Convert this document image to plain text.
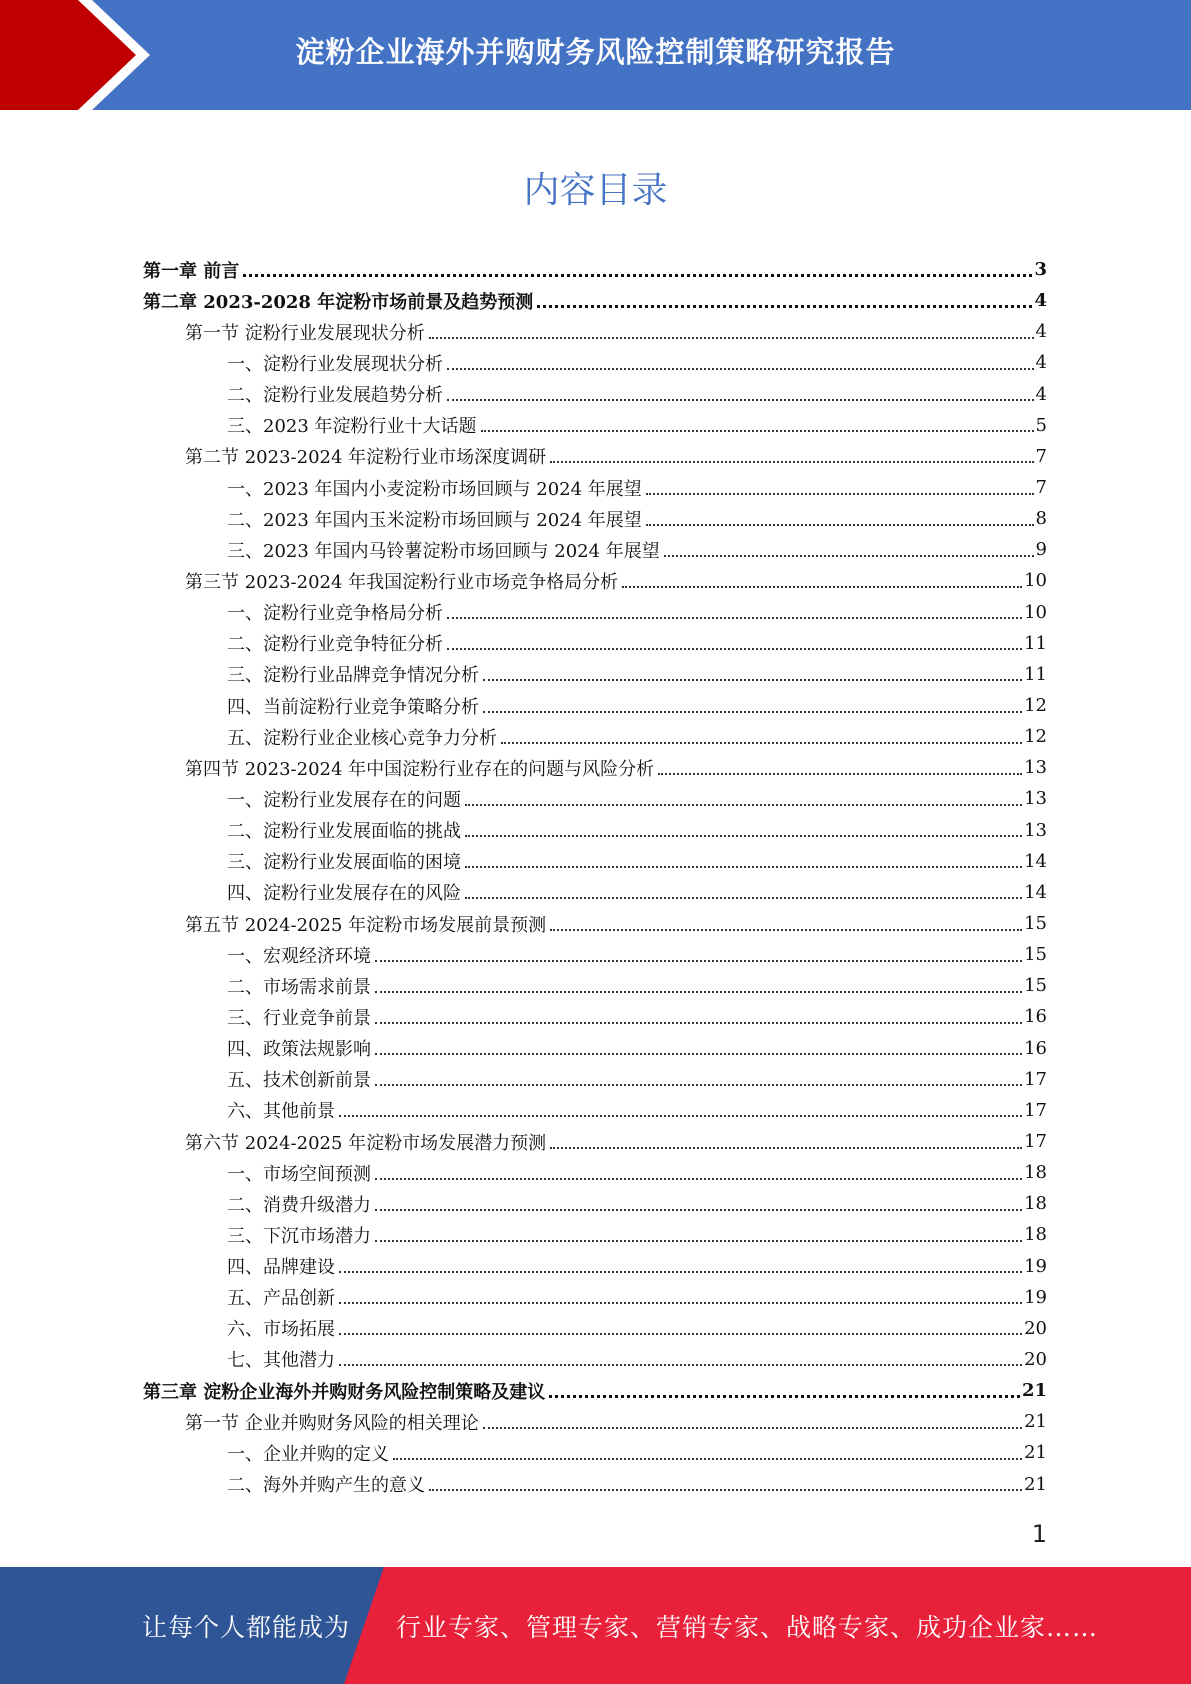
淀粉企业海外并购财务风险控制策略研究报告
内容目录
第一章 前言	3
第二章 2023-2028 年淀粉市场前景及趋势预测	4
第一节 淀粉行业发展现状分析	4
一、淀粉行业发展现状分析	4
二、淀粉行业发展趋势分析	4
三、2023 年淀粉行业十大话题	5
第二节 2023-2024 年淀粉行业市场深度调研	7
一、2023 年国内小麦淀粉市场回顾与 2024 年展望	7
二、2023 年国内玉米淀粉市场回顾与 2024 年展望	8
三、2023 年国内马铃薯淀粉市场回顾与 2024 年展望	9
第三节 2023-2024 年我国淀粉行业市场竞争格局分析	10
一、淀粉行业竞争格局分析	10
二、淀粉行业竞争特征分析	11
三、淀粉行业品牌竞争情况分析	11
四、当前淀粉行业竞争策略分析	12
五、淀粉行业企业核心竞争力分析	12
第四节 2023-2024 年中国淀粉行业存在的问题与风险分析	13
一、淀粉行业发展存在的问题	13
二、淀粉行业发展面临的挑战	13
三、淀粉行业发展面临的困境	14
四、淀粉行业发展存在的风险	14
第五节 2024-2025 年淀粉市场发展前景预测	15
一、宏观经济环境	15
二、市场需求前景	15
三、行业竞争前景	16
四、政策法规影响	16
五、技术创新前景	17
六、其他前景	17
第六节 2024-2025 年淀粉市场发展潜力预测	17
一、市场空间预测	18
二、消费升级潜力	18
三、下沉市场潜力	18
四、品牌建设	19
五、产品创新	19
六、市场拓展	20
七、其他潜力	20
第三章 淀粉企业海外并购财务风险控制策略及建议	21
第一节 企业并购财务风险的相关理论	21
一、企业并购的定义	21
二、海外并购产生的意义	21
1
让每个人都能成为 行业专家、管理专家、营销专家、战略专家、成功企业家……
